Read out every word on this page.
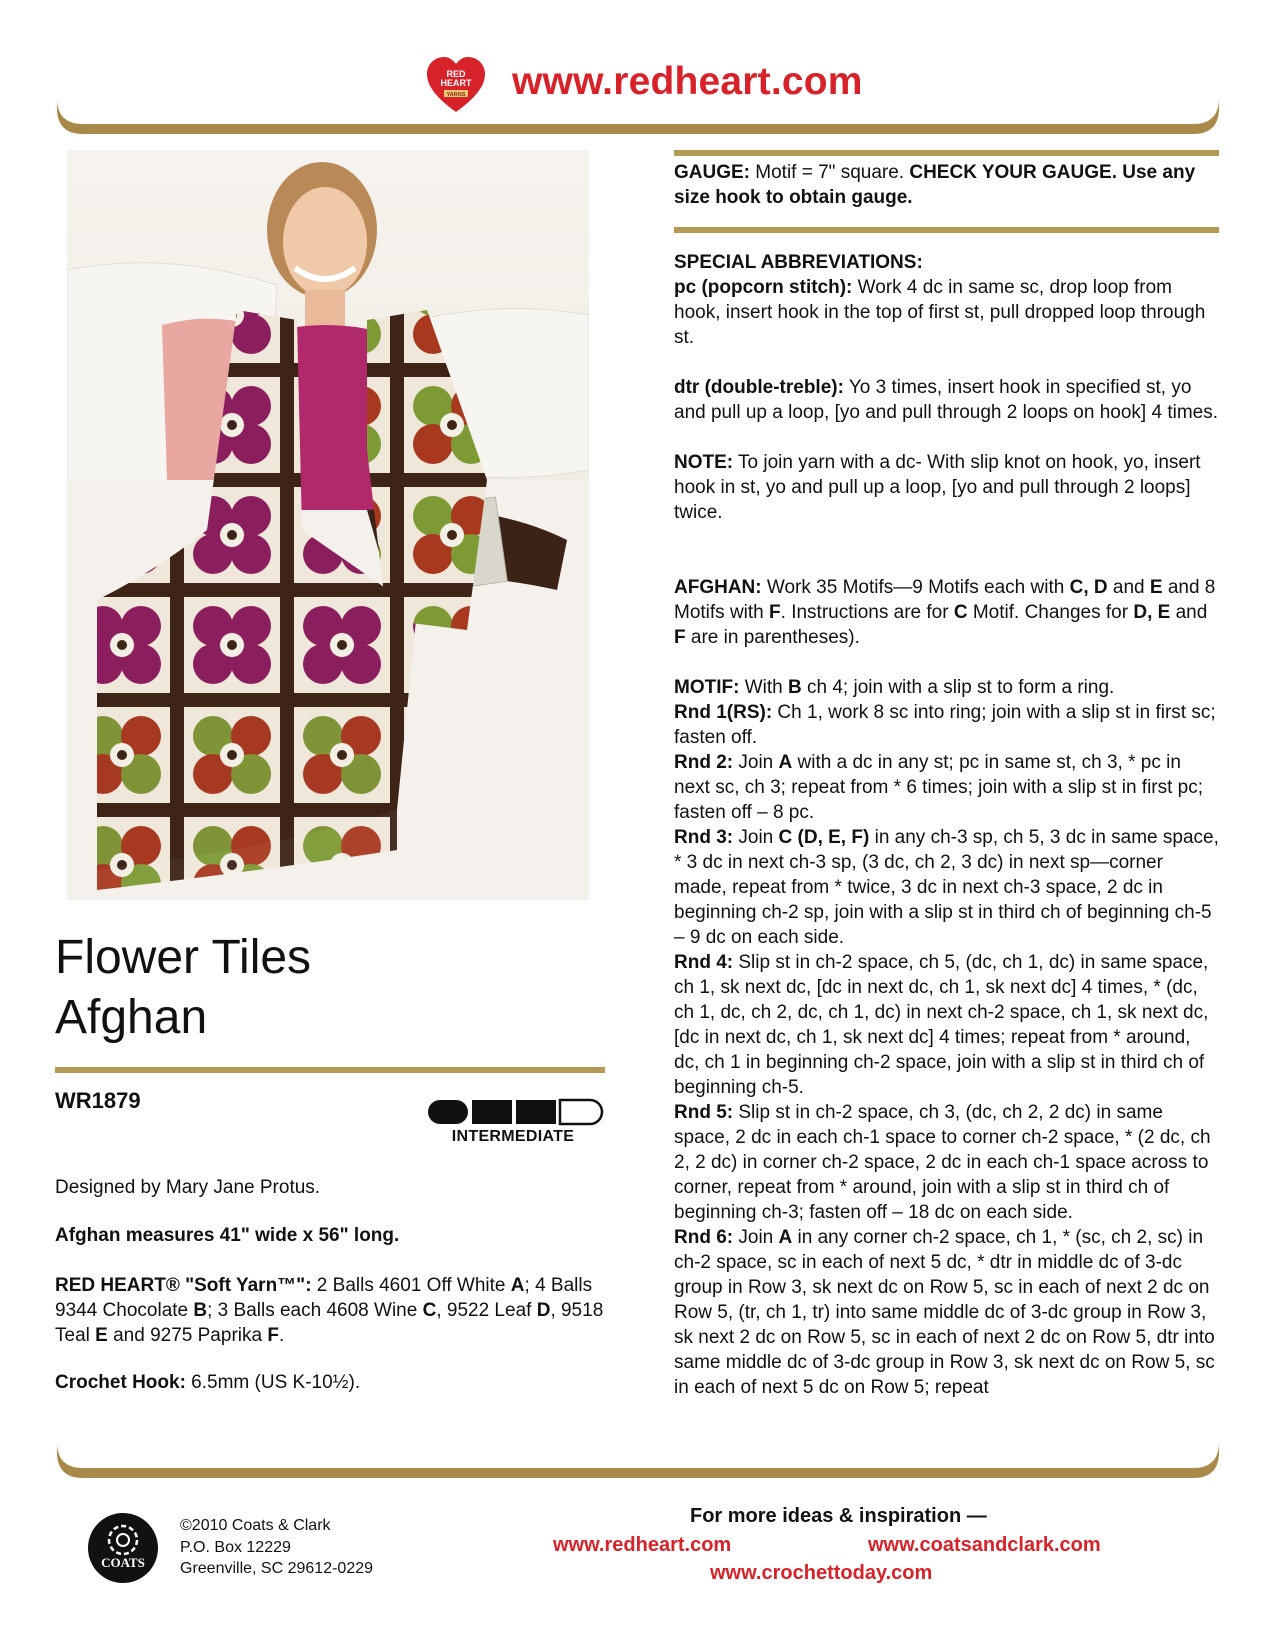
RED
HEART
YARNS www.redheart.com
Flower Tiles
Afghan
WR1879
INTERMEDIATE
Designed by Mary Jane Protus.
Afghan measures 41" wide x 56" long.
RED HEART® "Soft Yarn™": 2 Balls 4601 Off White A; 4 Balls 9344 Chocolate B; 3 Balls each 4608 Wine C, 9522 Leaf D, 9518 Teal E and 9275 Paprika F.
Crochet Hook: 6.5mm (US K-10½).

GAUGE: Motif = 7" square. CHECK YOUR GAUGE. Use any size hook to obtain gauge.

SPECIAL ABBREVIATIONS:

pc (popcorn stitch): Work 4 dc in same sc, drop loop from hook, insert hook in the top of first st, pull dropped loop through st.

dtr (double-treble): Yo 3 times, insert hook in specified st, yo and pull up a loop, [yo and pull through 2 loops on hook] 4 times.

NOTE: To join yarn with a dc- With slip knot on hook, yo, insert hook in st, yo and pull up a loop, [yo and pull through 2 loops] twice.

AFGHAN: Work 35 Motifs—9 Motifs each with C, D and E and 8 Motifs with F. Instructions are for C Motif. Changes for D, E and F are in parentheses).

MOTIF: With B ch 4; join with a slip st to form a ring.

Rnd 1(RS): Ch 1, work 8 sc into ring; join with a slip st in first sc; fasten off.

Rnd 2: Join A with a dc in any st; pc in same st, ch 3, * pc in next sc, ch 3; repeat from * 6 times; join with a slip st in first pc; fasten off – 8 pc.

Rnd 3: Join C (D, E, F) in any ch-3 sp, ch 5, 3 dc in same space, * 3 dc in next ch-3 sp, (3 dc, ch 2, 3 dc) in next sp—corner made, repeat from * twice, 3 dc in next ch-3 space, 2 dc in beginning ch-2 sp, join with a slip st in third ch of beginning ch-5 – 9 dc on each side.

Rnd 4: Slip st in ch-2 space, ch 5, (dc, ch 1, dc) in same space, ch 1, sk next dc, [dc in next dc, ch 1, sk next dc] 4 times, * (dc, ch 1, dc, ch 2, dc, ch 1, dc) in next ch-2 space, ch 1, sk next dc, [dc in next dc, ch 1, sk next dc] 4 times; repeat from * around, dc, ch 1 in beginning ch-2 space, join with a slip st in third ch of beginning ch-5.

Rnd 5: Slip st in ch-2 space, ch 3, (dc, ch 2, 2 dc) in same space, 2 dc in each ch-1 space to corner ch-2 space, * (2 dc, ch 2, 2 dc) in corner ch-2 space, 2 dc in each ch-1 space across to corner, repeat from * around, join with a slip st in third ch of beginning ch-3; fasten off – 18 dc on each side.

Rnd 6: Join A in any corner ch-2 space, ch 1, * (sc, ch 2, sc) in ch-2 space, sc in each of next 5 dc, * dtr in middle dc of 3-dc group in Row 3, sk next dc on Row 5, sc in each of next 2 dc on Row 5, (tr, ch 1, tr) into same middle dc of 3-dc group in Row 3, sk next 2 dc on Row 5, sc in each of next 2 dc on Row 5, dtr into same middle dc of 3-dc group in Row 3, sk next dc on Row 5, sc in each of next 5 dc on Row 5; repeat

COATS
©2010 Coats & Clark
P.O. Box 12229
Greenville, SC 29612-0229
For more ideas & inspiration —
www.redheart.com	www.coatsandclark.com
www.crochettoday.com
